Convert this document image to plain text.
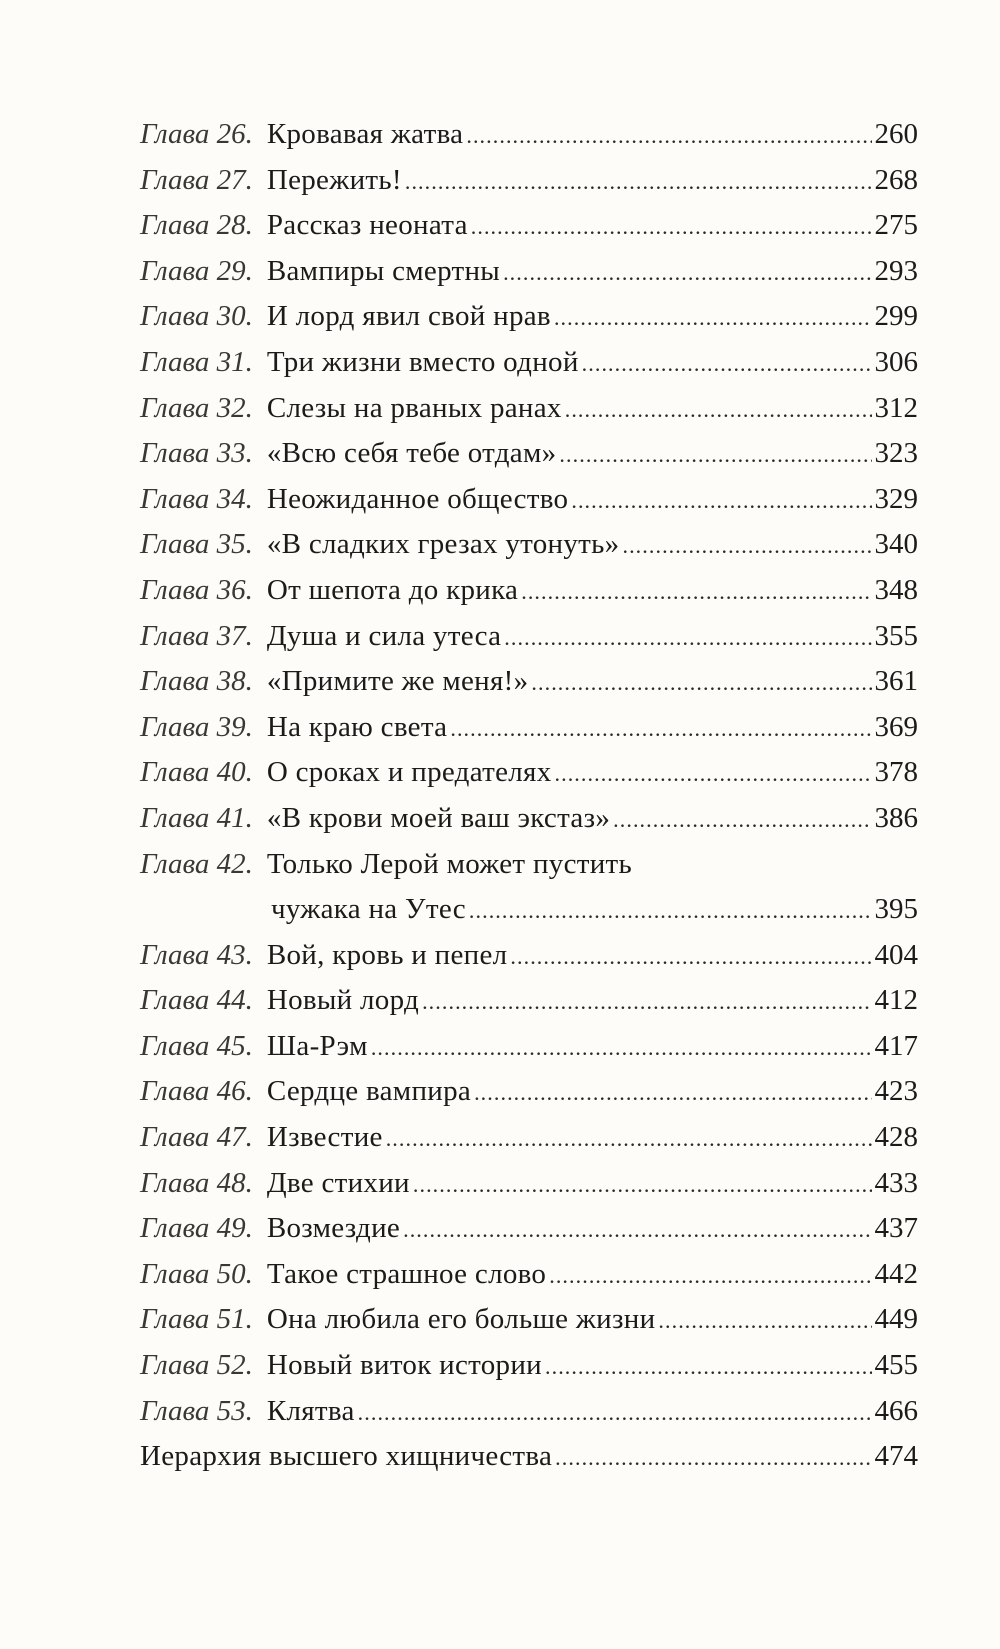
Глава 26. Кровавая жатва . . .	260
Глава 27. Пережить! . . .	268
Глава 28. Рассказ неоната . . .	275
Глава 29. Вампиры смертны . . .	293
Глава 30. И лорд явил свой нрав . . .	299
Глава 31. Три жизни вместо одной . . .	306
Глава 32. Слезы на рваных ранах . . .	312
Глава 33. «Всю себя тебе отдам» . . .	323
Глава 34. Неожиданное общество . . .	329
Глава 35. «В сладких грезах утонуть» . . .	340
Глава 36. От шепота до крика . . .	348
Глава 37. Душа и сила утеса . . .	355
Глава 38. «Примите же меня!» . . .	361
Глава 39. На краю света . . .	369
Глава 40. О сроках и предателях . . .	378
Глава 41. «В крови моей ваш экстаз» . . .	386
Глава 42. Только Лерой может пустить
чужака на Утес . . .	395
Глава 43. Вой, кровь и пепел . . .	404
Глава 44. Новый лорд . . .	412
Глава 45. Ша-Рэм . . .	417
Глава 46. Сердце вампира . . .	423
Глава 47. Известие . . .	428
Глава 48. Две стихии . . .	433
Глава 49. Возмездие . . .	437
Глава 50. Такое страшное слово . . .	442
Глава 51. Она любила его больше жизни . . .	449
Глава 52. Новый виток истории . . .	455
Глава 53. Клятва . . .	466
Иерархия высшего хищничества . . .	474
